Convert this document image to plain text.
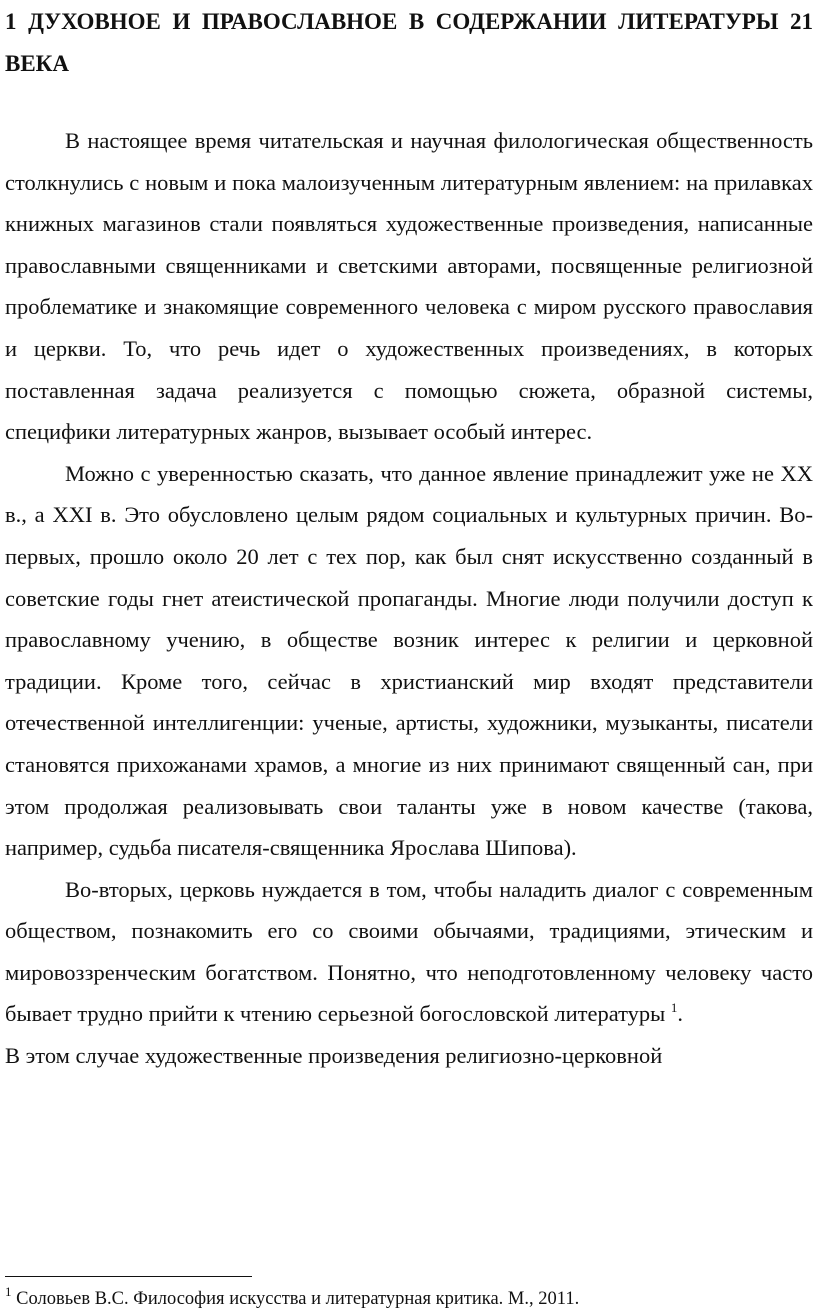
1 ДУХОВНОЕ И ПРАВОСЛАВНОЕ В СОДЕРЖАНИИ ЛИТЕРАТУРЫ 21 ВЕКА

В настоящее время читательская и научная филологическая общественность столкнулись с новым и пока малоизученным литературным явлением: на прилавках книжных магазинов стали появляться художественные произведения, написанные православными священниками и светскими авторами, посвященные религиозной проблематике и знакомящие современного человека с миром русского православия и церкви. То, что речь идет о художественных произведениях, в которых поставленная задача реализуется с помощью сюжета, образной системы, специфики литературных жанров, вызывает особый интерес.

Можно с уверенностью сказать, что данное явление принадлежит уже не XX в., а XXI в. Это обусловлено целым рядом социальных и культурных причин. Во-первых, прошло около 20 лет с тех пор, как был снят искусственно созданный в советские годы гнет атеистической пропаганды. Многие люди получили доступ к православному учению, в обществе возник интерес к религии и церковной традиции. Кроме того, сейчас в христианский мир входят представители отечественной интеллигенции: ученые, артисты, художники, музыканты, писатели становятся прихожанами храмов, а многие из них принимают священный сан, при этом продолжая реализовывать свои таланты уже в новом качестве (такова, например, судьба писателя-священника Ярослава Шипова).

Во-вторых, церковь нуждается в том, чтобы наладить диалог с современным обществом, познакомить его со своими обычаями, традициями, этическим и мировоззренческим богатством. Понятно, что неподготовленному человеку часто бывает трудно прийти к чтению серьезной богословской литературы $^1$.

В этом случае художественные произведения религиозно-церковной

$^1$ Соловьев В.С. Философия искусства и литературная критика. М., 2011.
